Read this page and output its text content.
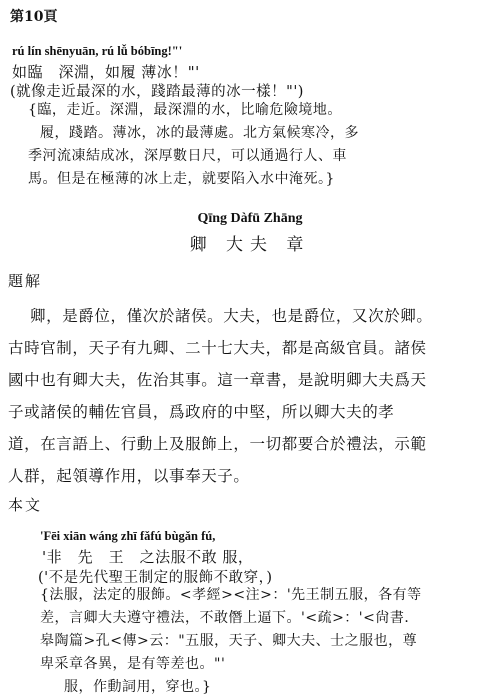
第10頁
rú lín shēnyuān, rú lǚ bóbīng!"'
如臨　深淵，如履 薄冰！"'
(就像走近最深的水，踐踏最薄的冰一樣！"')
{臨，走近。深淵，最深淵的水，比喻危險境地。
履，踐踏。薄冰，冰的最薄處。北方氣候寒冷，多
季河流凍結成冰，深厚數日尺，可以通過行人、車
馬。但是在極薄的冰上走，就要陷入水中淹死。}
Qīng Dàfū Zhāng
卿 大夫 章
題解
卿，是爵位，僅次於諸侯。大夫，也是爵位，又次於卿。
古時官制，天子有九卿、二十七大夫，都是高級官員。諸侯
國中也有卿大夫，佐治其事。這一章書，是說明卿大夫爲天
子或諸侯的輔佐官員，爲政府的中堅，所以卿大夫的孝
道，在言語上、行動上及服飾上，一切都要合於禮法，示範
人群，起領導作用，以事奉天子。
本文
'Fēi xiān wáng zhī fǎfú bùgǎn fú,
'非　先　王　之法服不敢 服，
('不是先代聖王制定的服飾不敢穿，)
{法服，法定的服飾。<孝經><注>：'先王制五服，各有等
差，言卿大夫遵守禮法，不敢僭上逼下。'<疏>：'<尙書．
皋陶篇>孔<傳>云："五服，天子、卿大夫、士之服也，尊
卑采章各異，是有等差也。"'
服，作動詞用，穿也。}
